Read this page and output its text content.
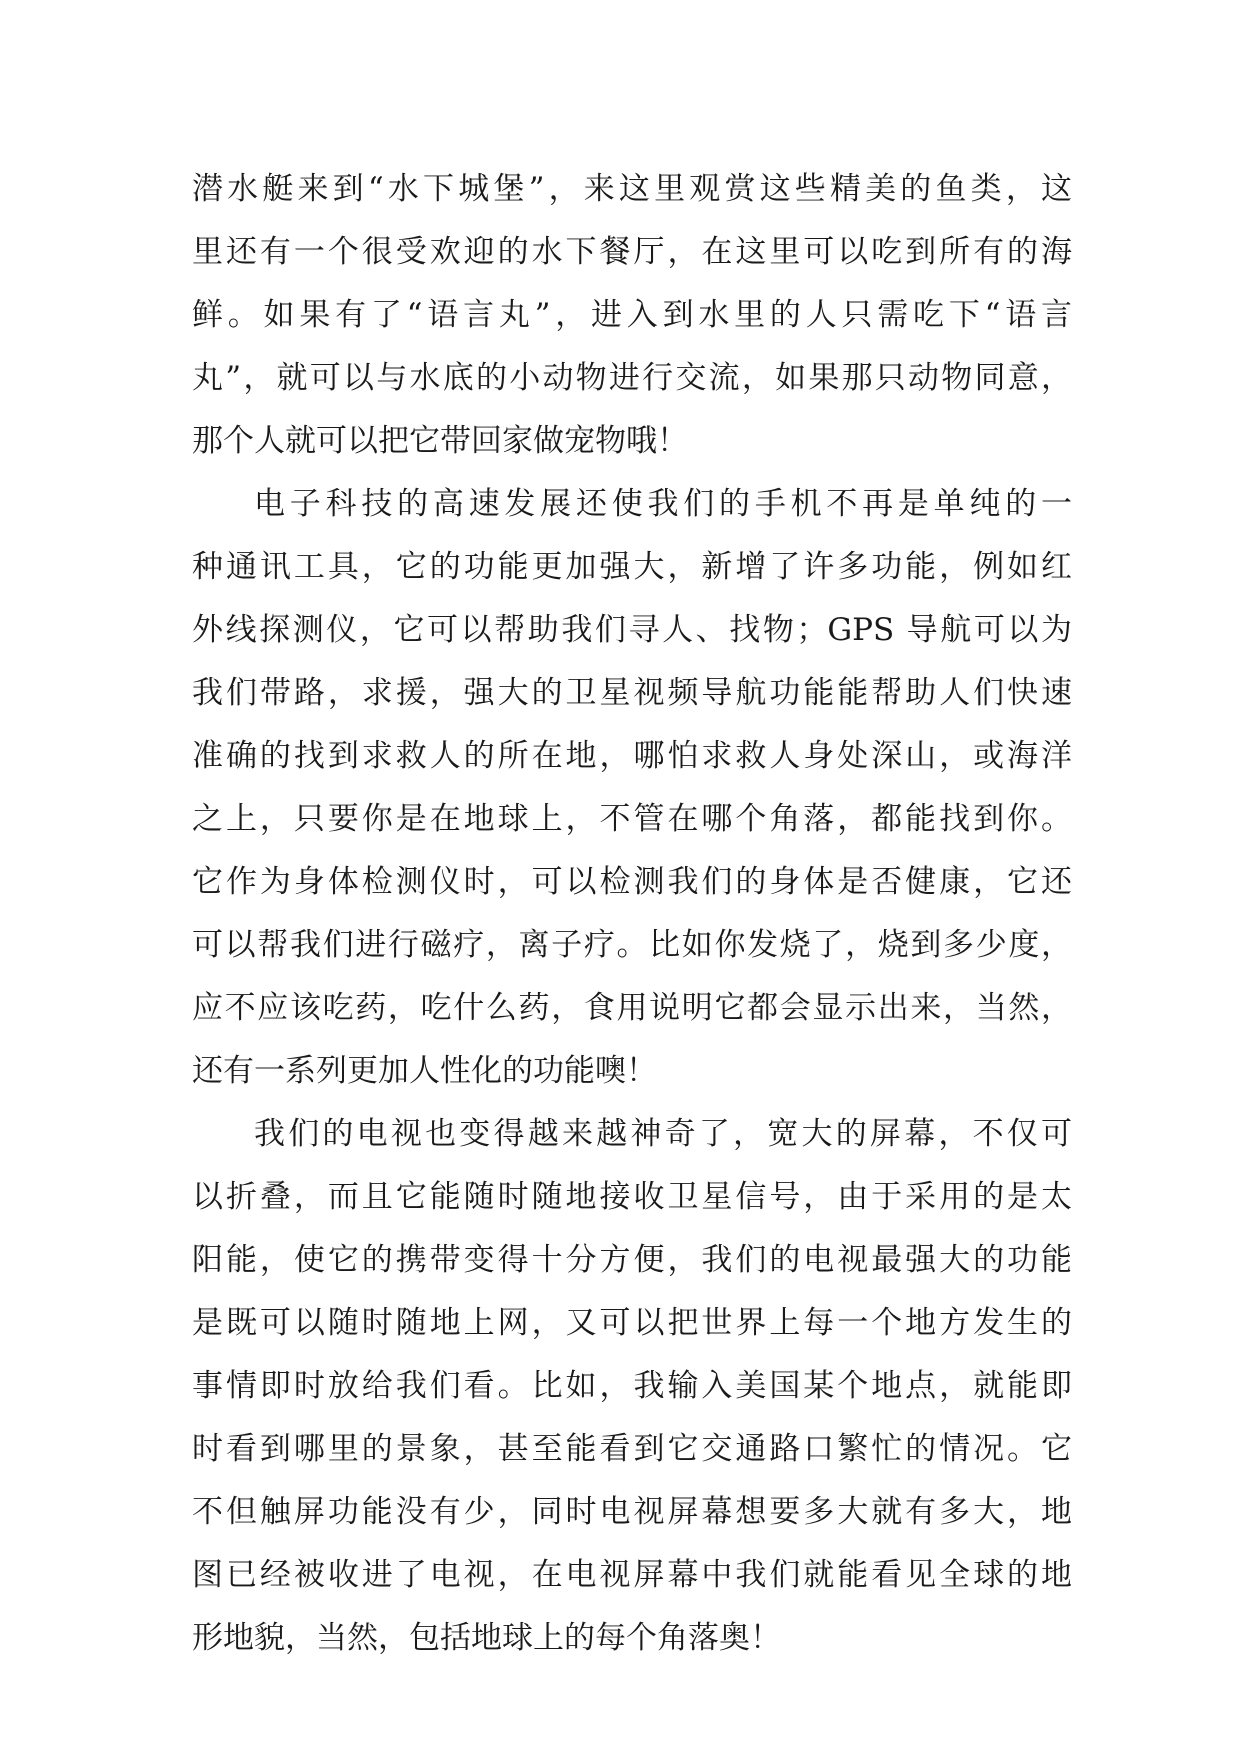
潜水艇来到“水下城堡”，来这里观赏这些精美的鱼类，这
里还有一个很受欢迎的水下餐厅，在这里可以吃到所有的海
鲜。如果有了“语言丸”，进入到水里的人只需吃下“语言
丸”，就可以与水底的小动物进行交流，如果那只动物同意，
那个人就可以把它带回家做宠物哦！
电子科技的高速发展还使我们的手机不再是单纯的一
种通讯工具，它的功能更加强大，新增了许多功能，例如红
外线探测仪，它可以帮助我们寻人、找物；GPS 导航可以为
我们带路，求援，强大的卫星视频导航功能能帮助人们快速
准确的找到求救人的所在地，哪怕求救人身处深山，或海洋
之上，只要你是在地球上，不管在哪个角落，都能找到你。
它作为身体检测仪时，可以检测我们的身体是否健康，它还
可以帮我们进行磁疗，离子疗。比如你发烧了，烧到多少度，
应不应该吃药，吃什么药，食用说明它都会显示出来，当然，
还有一系列更加人性化的功能噢！
我们的电视也变得越来越神奇了，宽大的屏幕，不仅可
以折叠，而且它能随时随地接收卫星信号，由于采用的是太
阳能，使它的携带变得十分方便，我们的电视最强大的功能
是既可以随时随地上网，又可以把世界上每一个地方发生的
事情即时放给我们看。比如，我输入美国某个地点，就能即
时看到哪里的景象，甚至能看到它交通路口繁忙的情况。它
不但触屏功能没有少，同时电视屏幕想要多大就有多大，地
图已经被收进了电视，在电视屏幕中我们就能看见全球的地
形地貌，当然，包括地球上的每个角落奥！
